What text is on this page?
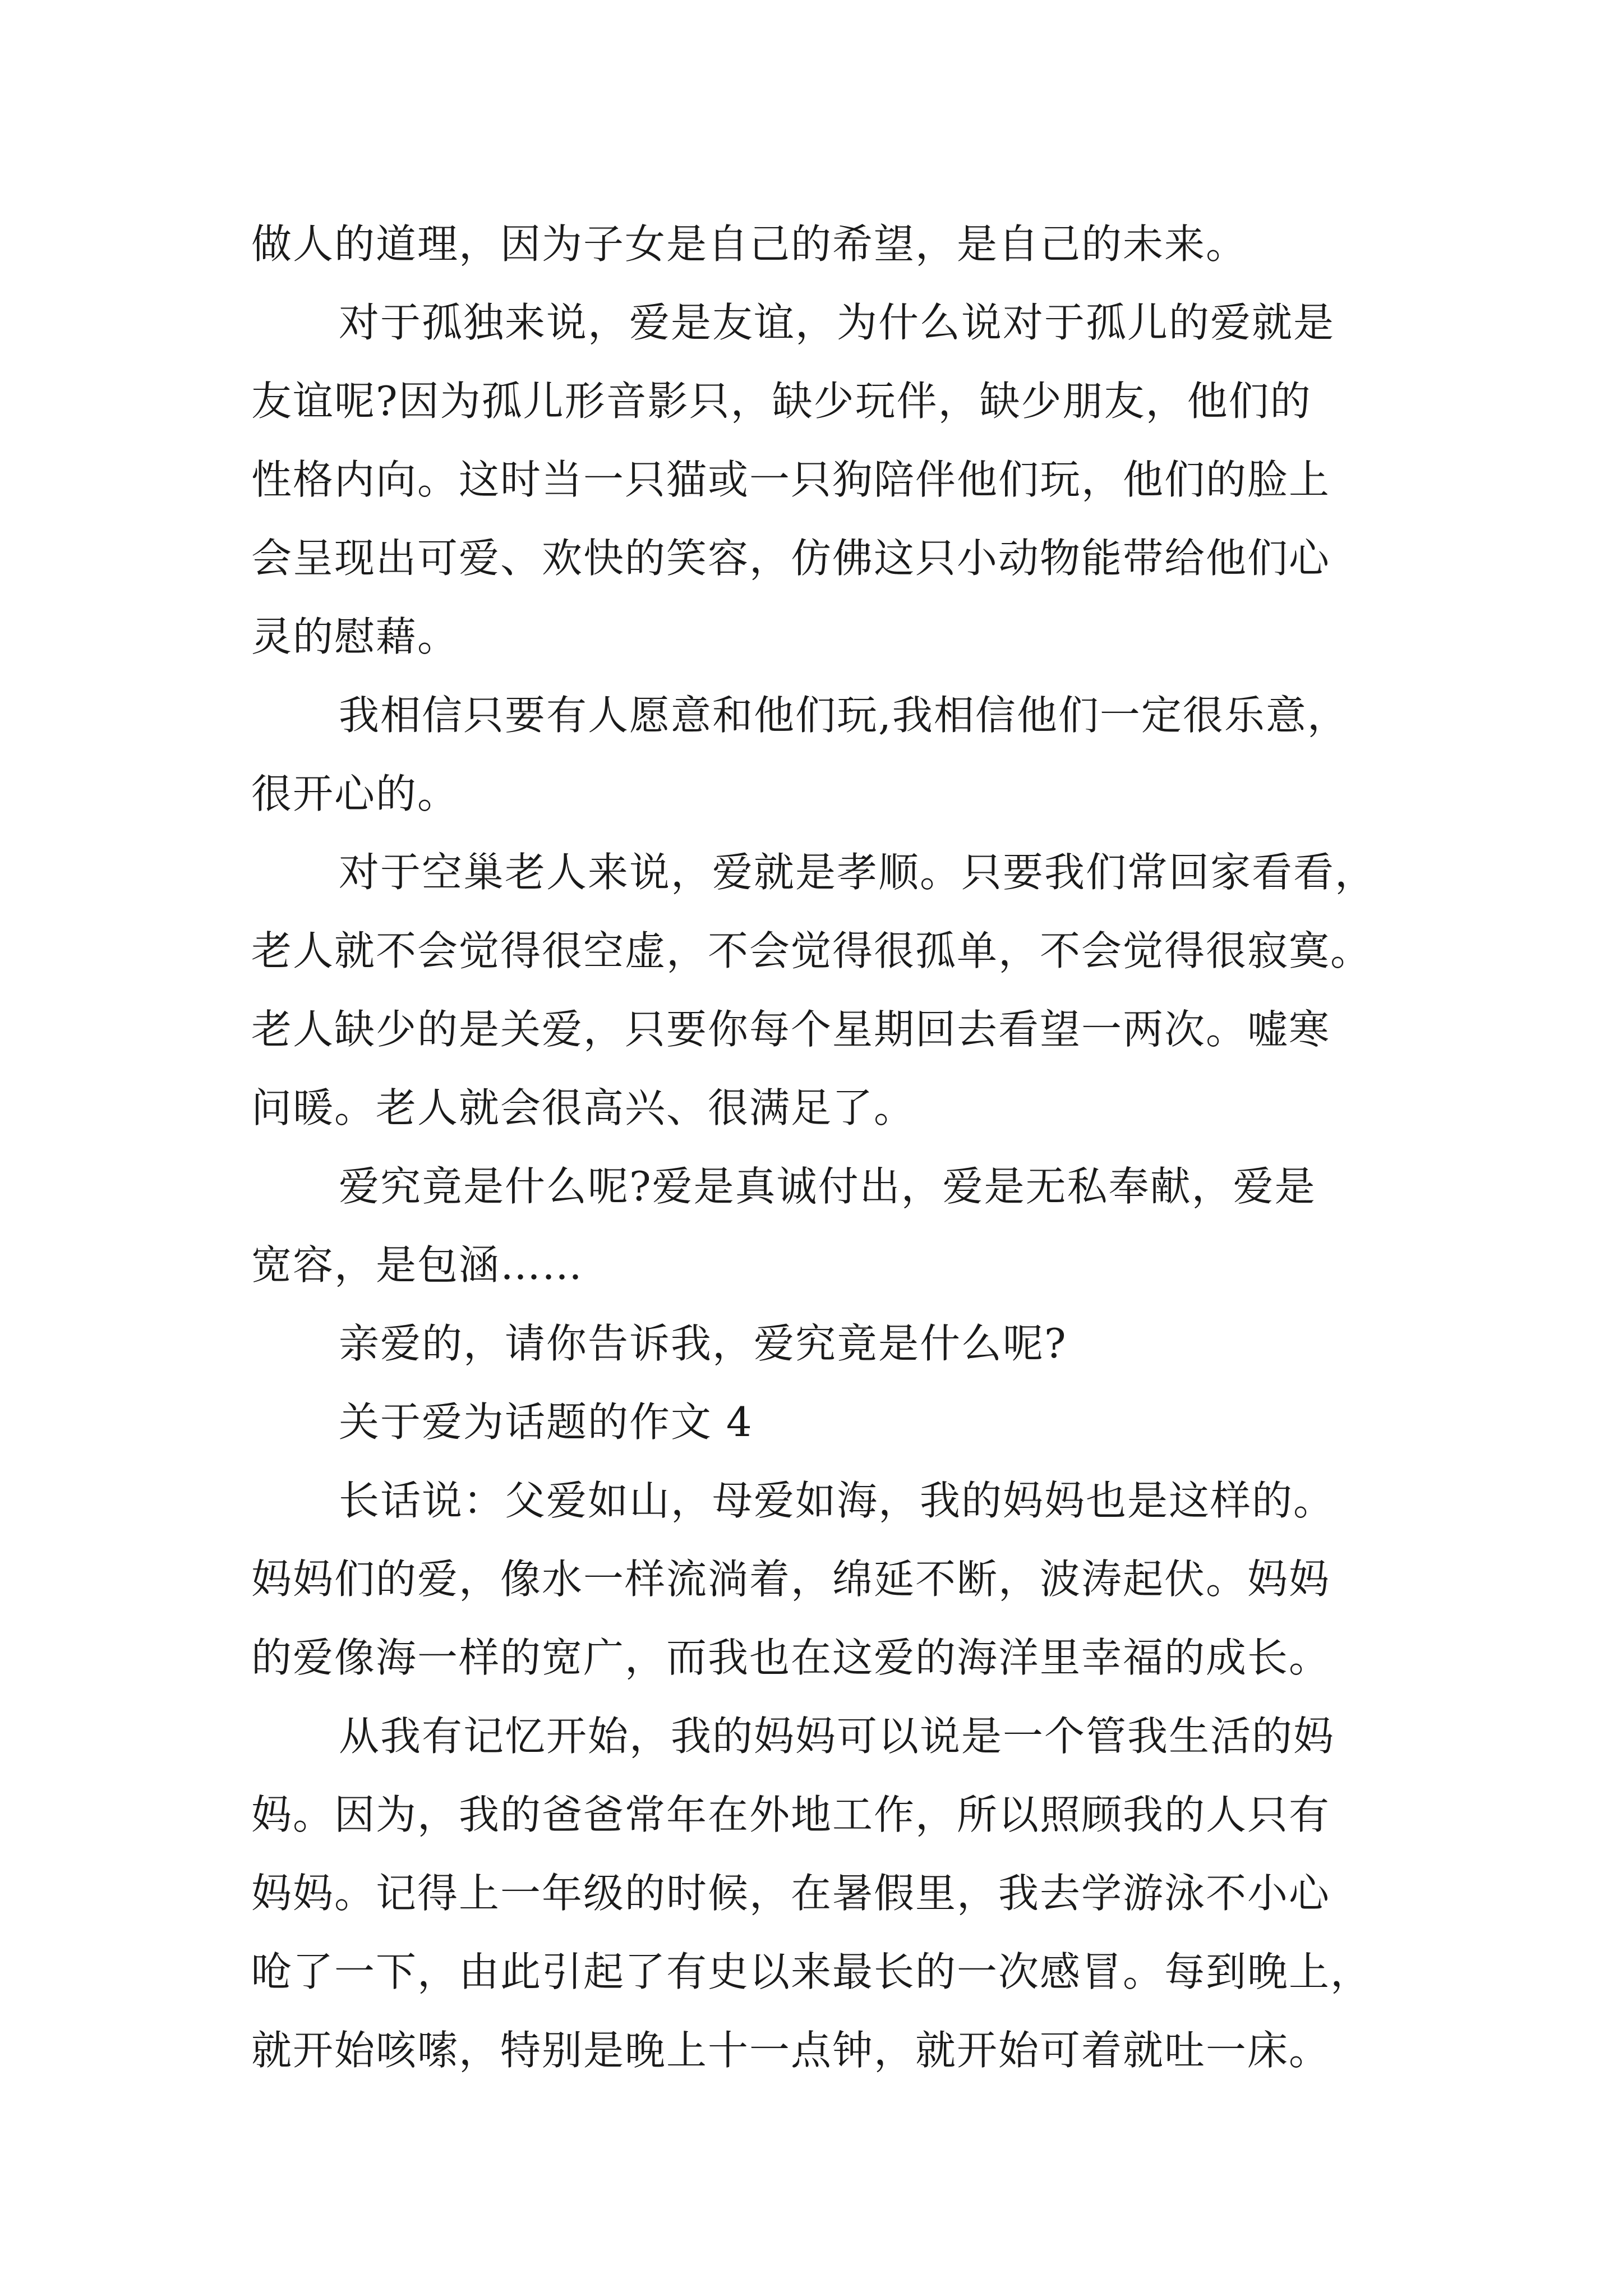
做人的道理，因为子女是自己的希望，是自己的未来。
对于孤独来说，爱是友谊，为什么说对于孤儿的爱就是
友谊呢?因为孤儿形音影只，缺少玩伴，缺少朋友，他们的
性格内向。这时当一只猫或一只狗陪伴他们玩，他们的脸上
会呈现出可爱、欢快的笑容，仿佛这只小动物能带给他们心
灵的慰藉。
我相信只要有人愿意和他们玩,我相信他们一定很乐意，
很开心的。
对于空巢老人来说，爱就是孝顺。只要我们常回家看看，
老人就不会觉得很空虚，不会觉得很孤单，不会觉得很寂寞。
老人缺少的是关爱，只要你每个星期回去看望一两次。嘘寒
问暖。老人就会很高兴、很满足了。
爱究竟是什么呢?爱是真诚付出，爱是无私奉献，爱是
宽容，是包涵……
亲爱的，请你告诉我，爱究竟是什么呢?
关于爱为话题的作文 4
长话说：父爱如山，母爱如海，我的妈妈也是这样的。
妈妈们的爱，像水一样流淌着，绵延不断，波涛起伏。妈妈
的爱像海一样的宽广，而我也在这爱的海洋里幸福的成长。
从我有记忆开始，我的妈妈可以说是一个管我生活的妈
妈。因为，我的爸爸常年在外地工作，所以照顾我的人只有
妈妈。记得上一年级的时候，在暑假里，我去学游泳不小心
呛了一下，由此引起了有史以来最长的一次感冒。每到晚上，
就开始咳嗦，特别是晚上十一点钟，就开始可着就吐一床。
